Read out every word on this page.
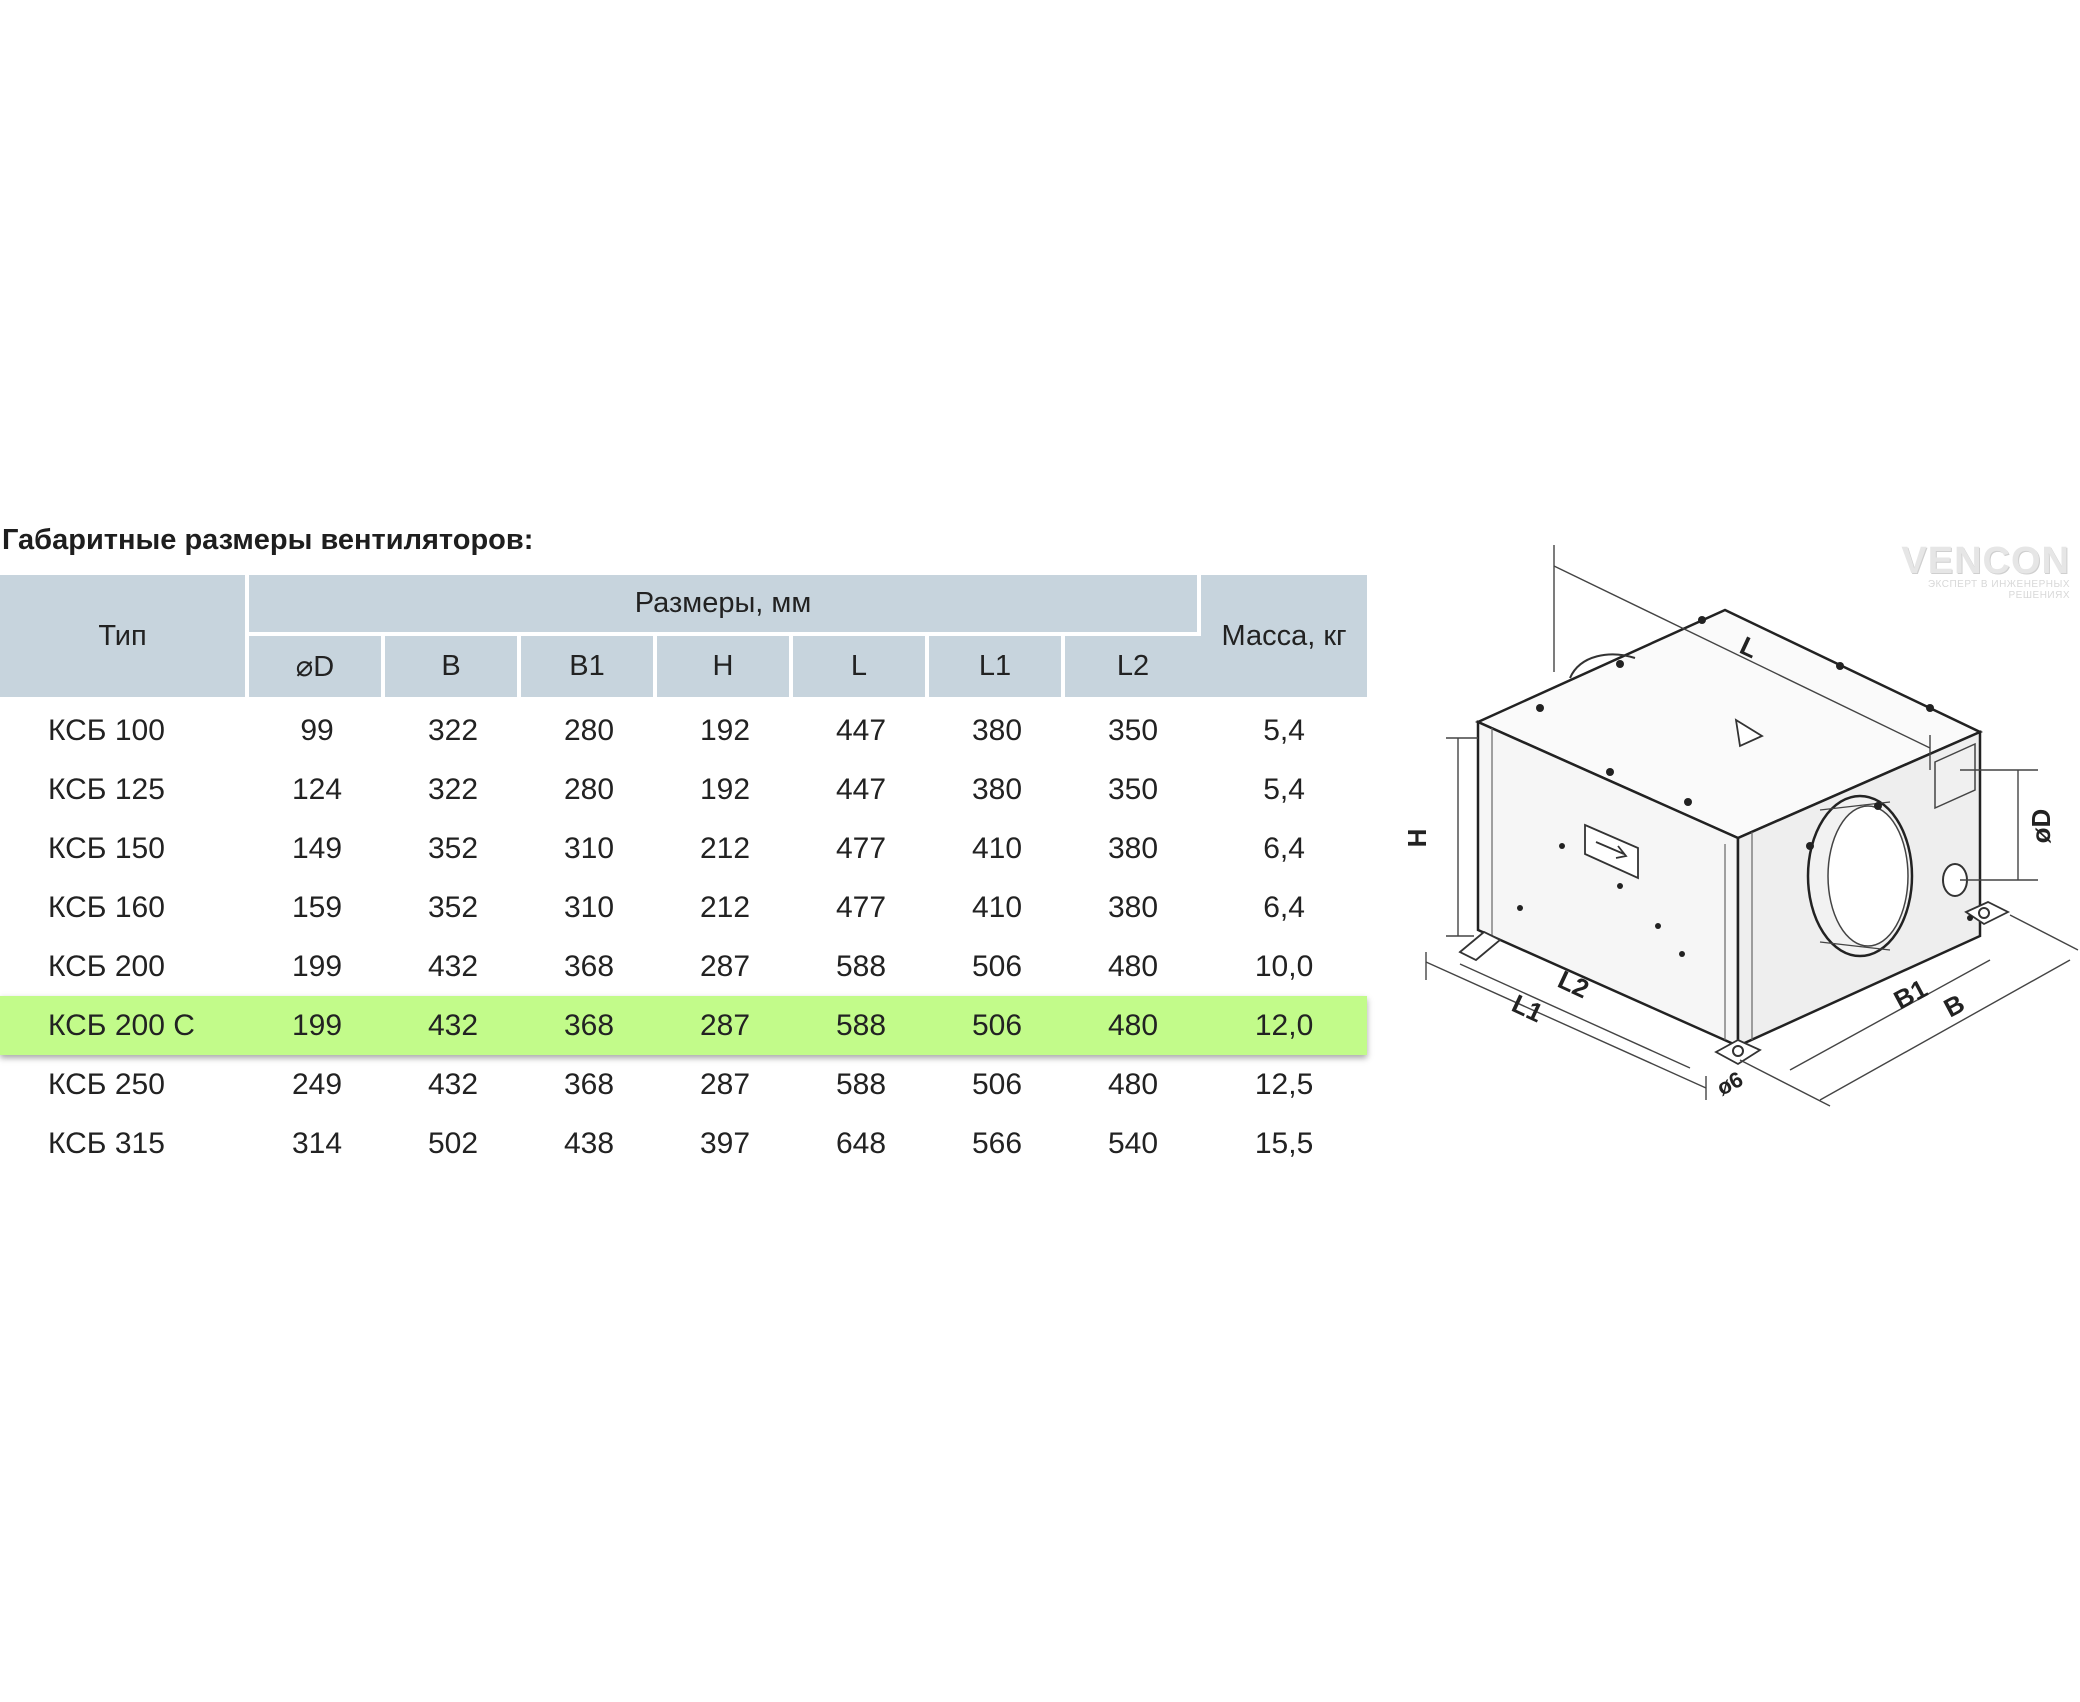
Габаритные размеры вентиляторов:
Тип	Размеры, мм							Масса, кг
	⌀D	B	B1	H	L	L1	L2	
КСБ 100	99	322	280	192	447	380	350	5,4
КСБ 125	124	322	280	192	447	380	350	5,4
КСБ 150	149	352	310	212	477	410	380	6,4
КСБ 160	159	352	310	212	477	410	380	6,4
КСБ 200	199	432	368	287	588	506	480	10,0
КСБ 200 С	199	432	368	287	588	506	480	12,0
КСБ 250	249	432	368	287	588	506	480	12,5
КСБ 315	314	502	438	397	648	566	540	15,5
VENCON
ЭКСПЕРТ В ИНЖЕНЕРНЫХ РЕШЕНИЯХ
L
H	øD
L2
L1	B1 B
ø6
